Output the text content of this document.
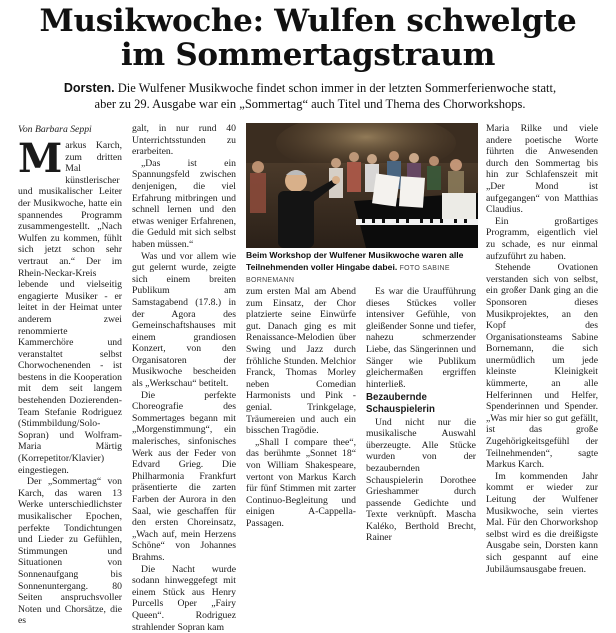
Musikwoche: Wulfen schwelgte
im Sommertagstraum
Dorsten. Die Wulfener Musikwoche findet schon immer in der letzten Sommerferienwoche statt,
aber zu 29. Ausgabe war ein „Sommertag“ auch Titel und Thema des Chorworkshops.
Von Barbara Seppi

Markus Karch, zum dritten Mal künstlerischer und musikalischer Leiter der Musikwoche, hatte ein spannendes Programm zusammengestellt. „Nach Wulfen zu kommen, fühlt sich jetzt schon sehr vertraut an.“ Der im Rhein-Neckar-Kreis lebende und vielseitig engagierte Musiker - er leitet in der Heimat unter anderem zwei renommierte Kammerchöre und veranstaltet selbst Chorwochenenden - ist bestens in die Kooperation mit dem seit langem bestehenden Dozierenden-Team Stefanie Rodriguez (Stimmbildung/Solo-Sopran) und Wolfram-Maria Märtig (Korrepetitor/Klavier) eingestiegen.

Der „Sommertag“ von Karch, das waren 13 Werke unterschiedlichster musikalischer Epochen, perfekte Tondichtungen und Lieder zu Gefühlen, Stimmungen und Situationen von Sonnenaufgang bis Sonnenuntergang. 80 Seiten anspruchsvoller Noten und Chorsätze, die es

galt, in nur rund 40 Unterrichtsstunden zu erarbeiten.

„Das ist ein Spannungsfeld zwischen denjenigen, die viel Erfahrung mitbringen und schnell lernen und den etwas weniger Erfahrenen, die Geduld mit sich selbst haben müssen.“

Was und vor allem wie gut gelernt wurde, zeigte sich einem breiten Publikum am Samstagabend (17.8.) in der Agora des Gemeinschaftshauses mit einem grandiosen Konzert, von den Organisatoren der Musikwoche bescheiden als „Werkschau“ betitelt.

Die perfekte Choreografie des Sommertages begann mit „Morgenstimmung“, ein malerisches, sinfonisches Werk aus der Feder von Edvard Grieg. Die Philharmonia Frankfurt präsentierte die zarten Farben der Aurora in den Saal, wie geschaffen für den ersten Choreinsatz, „Wach auf, mein Herzens Schöne“ von Johannes Brahms.

Die Nacht wurde sodann hinweggefegt mit einem Stück aus Henry Purcells Oper „Fairy Queen“. Rodriguez strahlender Sopran kam

Beim Workshop der Wulfener Musikwoche waren alle Teilnehmenden voller Hingabe dabei. FOTO SABINE BORNEMANN

zum ersten Mal am Abend zum Einsatz, der Chor platzierte seine Einwürfe gut. Danach ging es mit Renaissance-Melodien über Swing und Jazz durch fröhliche Stunden. Melchior Franck, Thomas Morley neben Comedian Harmonists und Pink - genial. Trinkgelage, Träumereien und auch ein bisschen Tragödie.

„Shall I compare thee“, das berühmte „Sonnet 18“ von William Shakespeare, vertont von Markus Karch für fünf Stimmen mit zarter Continuo-Begleitung und einigen A-Cappella-Passagen.

Es war die Uraufführung dieses Stückes voller intensiver Gefühle, von gleißender Sonne und tiefer, nahezu schmerzender Liebe, das Sängerinnen und Sänger wie Publikum gleichermaßen ergriffen hinterließ.

Bezaubernde Schauspielerin

Und nicht nur die musikalische Auswahl überzeugte. Alle Stücke wurden von der bezaubernden Schauspielerin Dorothee Grieshammer durch passende Gedichte und Texte verknüpft. Mascha Kaléko, Berthold Brecht, Rainer

Maria Rilke und viele andere poetische Worte führten die Anwesenden durch den Sommertag bis hin zur Schlafenszeit mit „Der Mond ist aufgegangen“ von Matthias Claudius.

Ein großartiges Programm, eigentlich viel zu schade, es nur einmal aufzuführt zu haben.

Stehende Ovationen verstanden sich von selbst, ein großer Dank ging an die Sponsoren dieses Musikprojektes, an den Kopf des Organisationsteams Sabine Bornemann, die sich unermüdlich um jede kleinste Kleinigkeit kümmerte, an alle Helferinnen und Helfer, Spenderinnen und Spender. „Was mir hier so gut gefällt, ist das große Zugehörigkeitsgefühl der Teilnehmenden“, sagte Markus Karch.

Im kommenden Jahr kommt er wieder zur Leitung der Wulfener Musikwoche, sein viertes Mal. Für den Chorworkshop selbst wird es die dreißigste Ausgabe sein, Dorsten kann sich gespannt auf eine Jubiläumsausgabe freuen.
